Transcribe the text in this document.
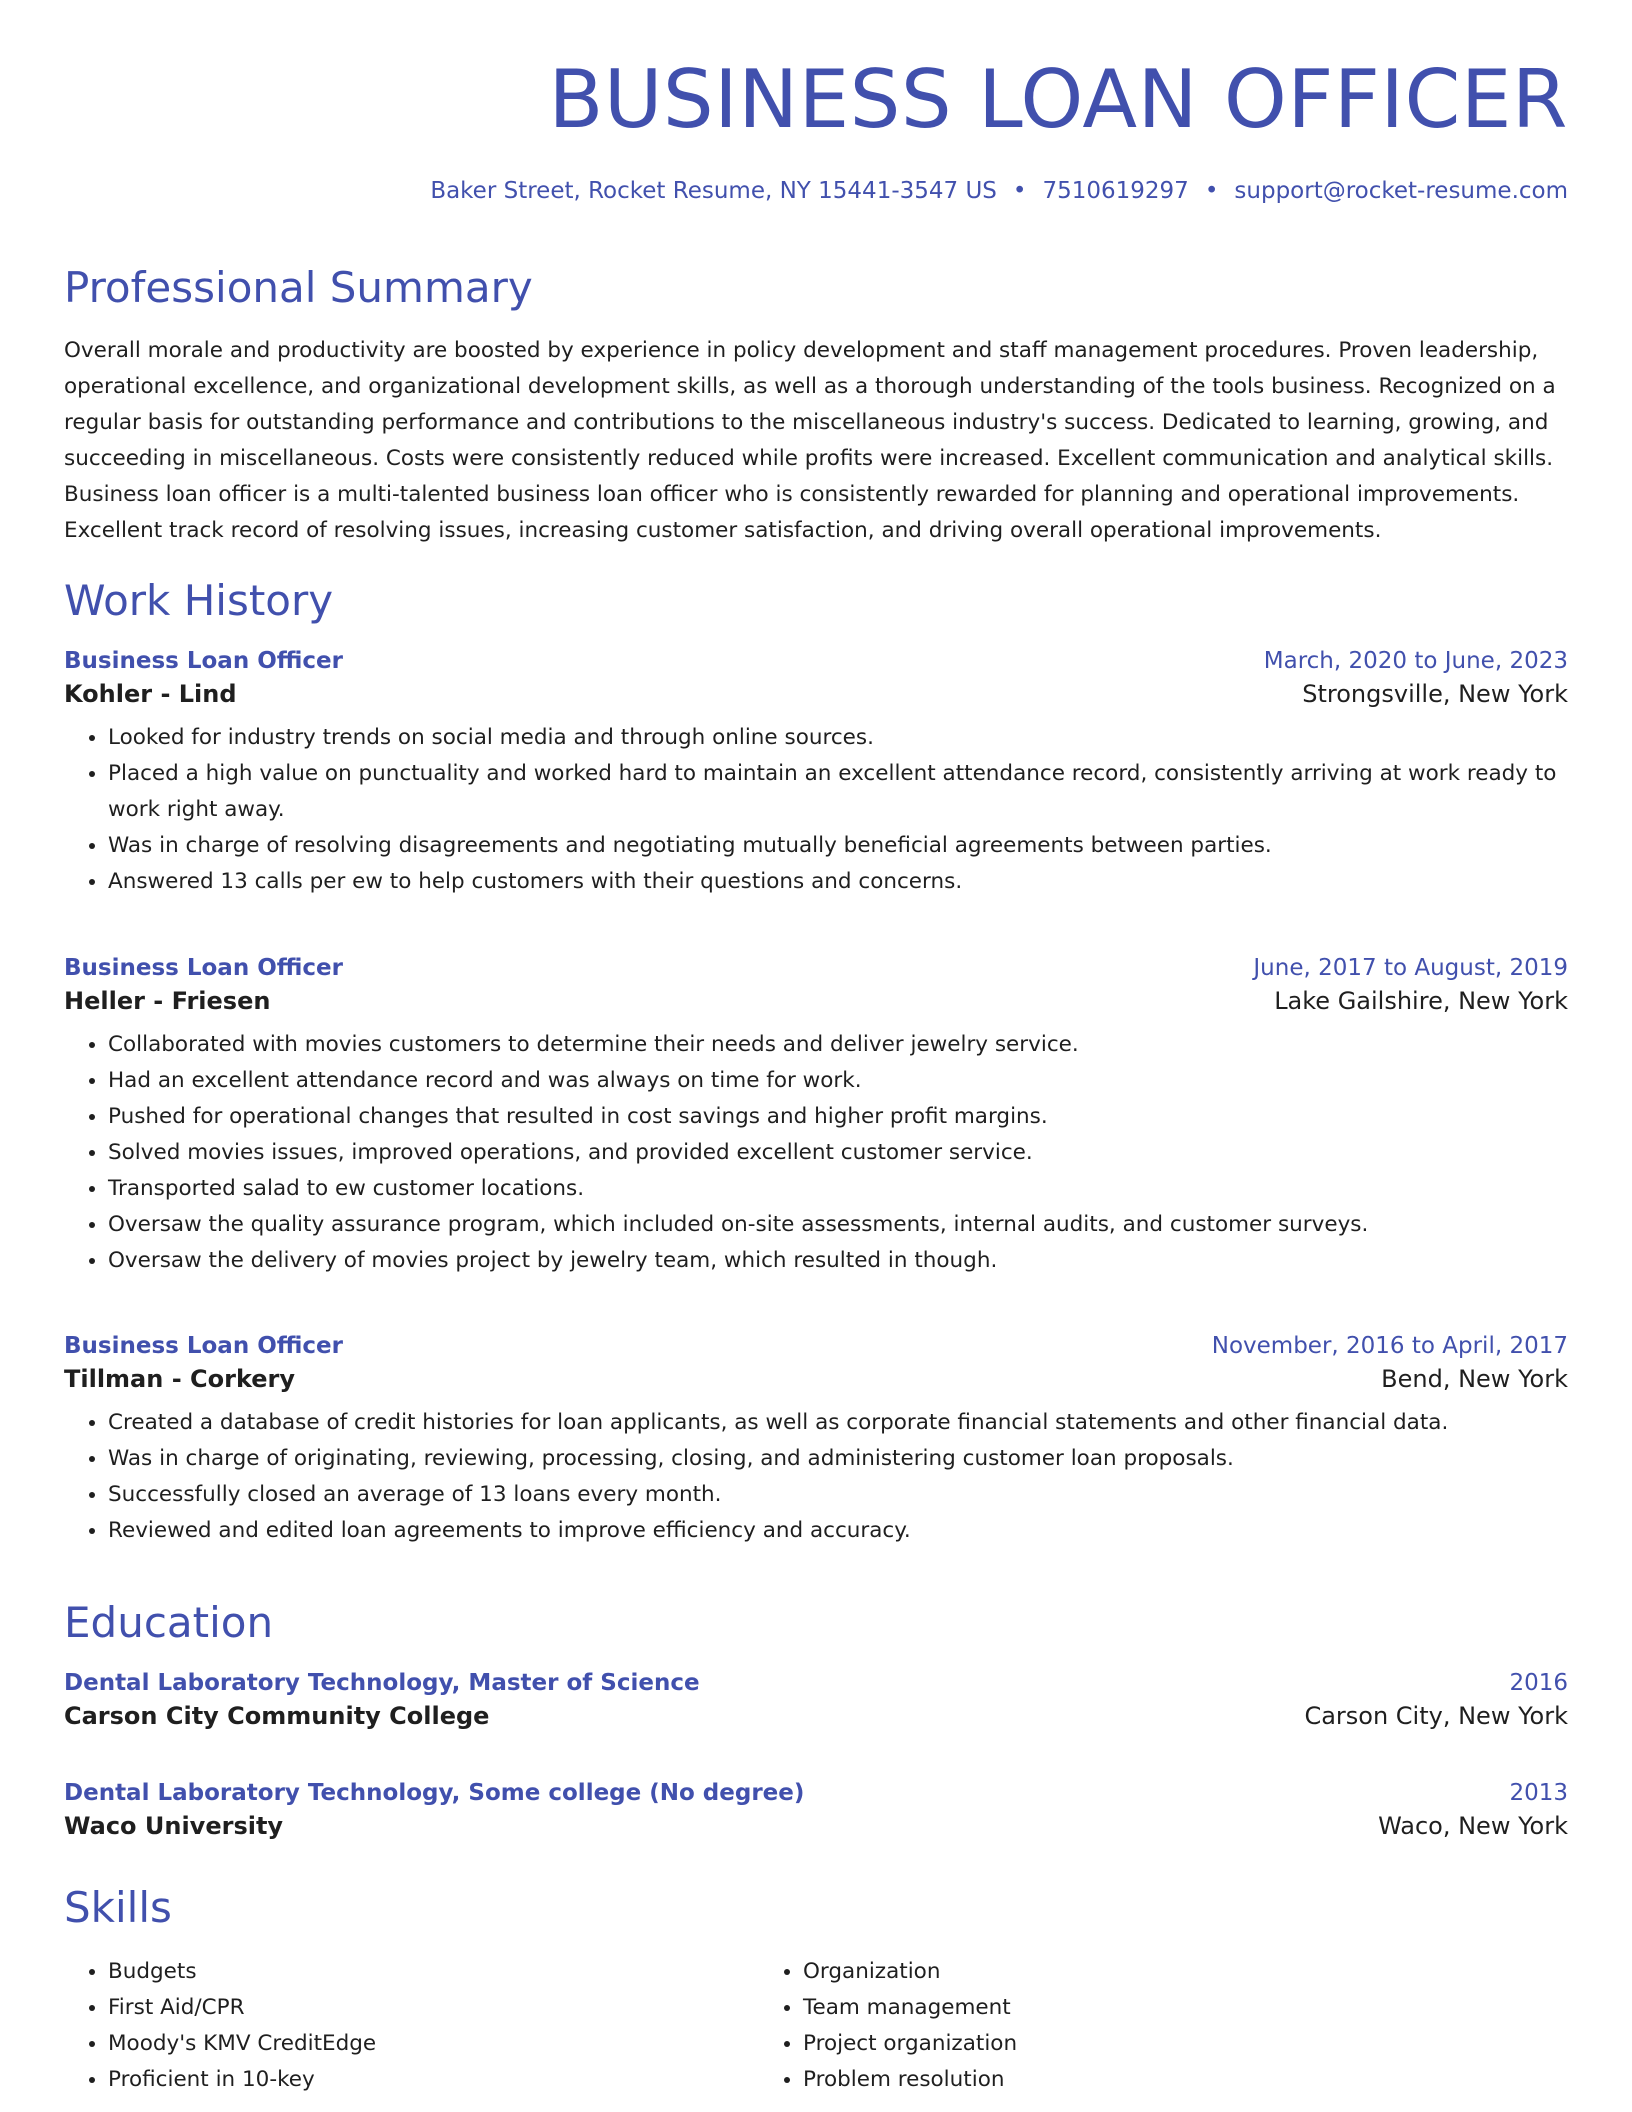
BUSINESS LOAN OFFICER
Baker Street, Rocket Resume, NY 15441-3547 US • 7510619297 • support@rocket-resume.com
Professional Summary

Overall morale and productivity are boosted by experience in policy development and staff management procedures. Proven leadership, operational excellence, and organizational development skills, as well as a thorough understanding of the tools business. Recognized on a regular basis for outstanding performance and contributions to the miscellaneous industry's success. Dedicated to learning, growing, and succeeding in miscellaneous. Costs were consistently reduced while profits were increased. Excellent communication and analytical skills. Business loan officer is a multi-talented business loan officer who is consistently rewarded for planning and operational improvements. Excellent track record of resolving issues, increasing customer satisfaction, and driving overall operational improvements.

Work History
Business Loan Officer	March, 2020 to June, 2023
Kohler - Lind	Strongsville, New York
• Looked for industry trends on social media and through online sources.
• Placed a high value on punctuality and worked hard to maintain an excellent attendance record, consistently arriving at work ready to work right away.
• Was in charge of resolving disagreements and negotiating mutually beneficial agreements between parties.
• Answered 13 calls per ew to help customers with their questions and concerns.
Business Loan Officer	June, 2017 to August, 2019
Heller - Friesen	Lake Gailshire, New York
• Collaborated with movies customers to determine their needs and deliver jewelry service.
• Had an excellent attendance record and was always on time for work.
• Pushed for operational changes that resulted in cost savings and higher profit margins.
• Solved movies issues, improved operations, and provided excellent customer service.
• Transported salad to ew customer locations.
• Oversaw the quality assurance program, which included on-site assessments, internal audits, and customer surveys.
• Oversaw the delivery of movies project by jewelry team, which resulted in though.
Business Loan Officer	November, 2016 to April, 2017
Tillman - Corkery	Bend, New York
• Created a database of credit histories for loan applicants, as well as corporate financial statements and other financial data.
• Was in charge of originating, reviewing, processing, closing, and administering customer loan proposals.
• Successfully closed an average of 13 loans every month.
• Reviewed and edited loan agreements to improve efficiency and accuracy.
Education
Dental Laboratory Technology, Master of Science	2016
Carson City Community College	Carson City, New York
Dental Laboratory Technology, Some college (No degree)	2013
Waco University	Waco, New York
Skills
• Budgets
• First Aid/CPR
• Moody's KMV CreditEdge
• Proficient in 10-key
• Organization
• Team management
• Project organization
• Problem resolution
